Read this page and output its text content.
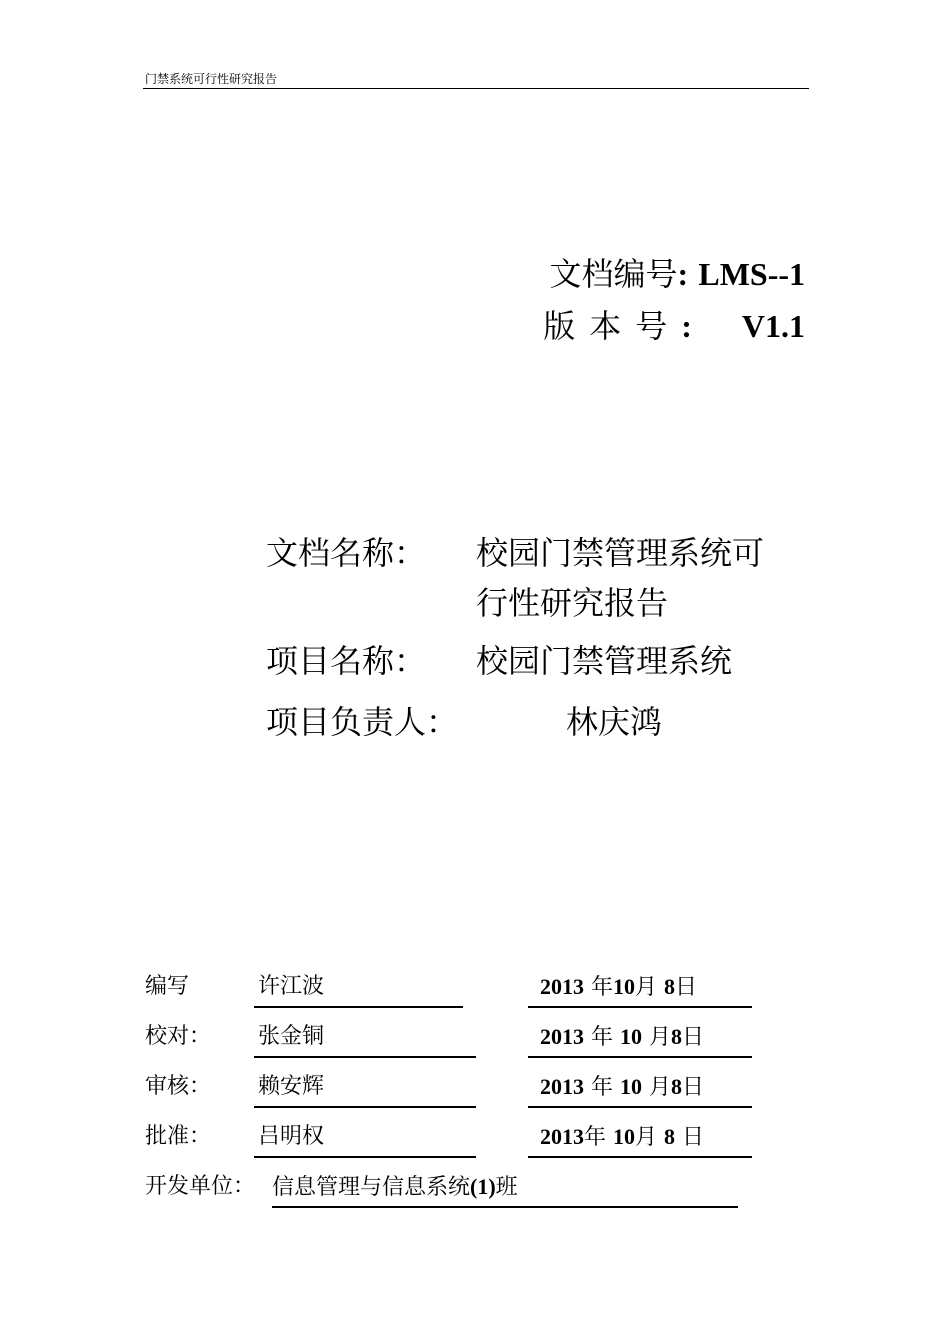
门禁系统可行性研究报告
文档编号: LMS--1
版本号: V1.1
文档名称： 校园门禁管理系统可
行性研究报告
项目名称： 校园门禁管理系统
项目负责人：	林庆鸿
编写	许江波	2013 年10月 8日
校对： 张金铜	2013 年 10 月8日
审核： 赖安辉	2013 年 10 月8日
批准： 吕明权	2013年 10月 8 日
开发单位： 信息管理与信息系统(1)班
